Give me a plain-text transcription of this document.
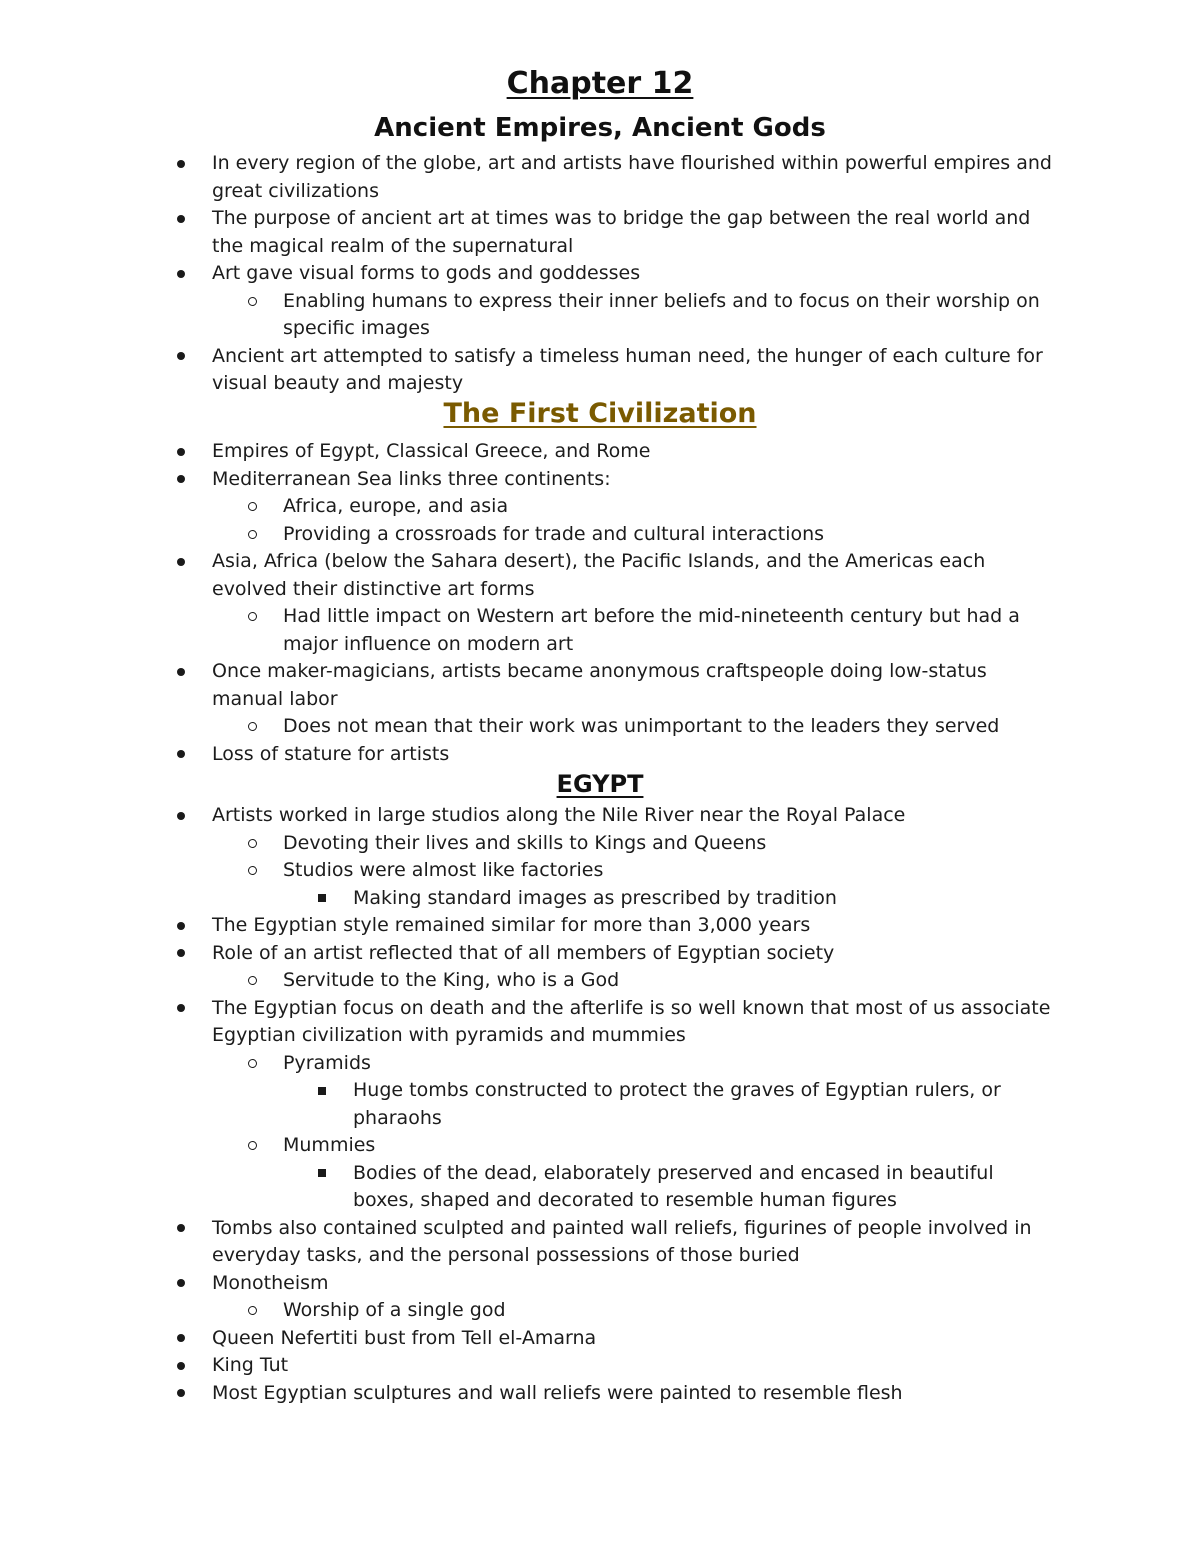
Chapter 12
Ancient Empires, Ancient Gods
In every region of the globe, art and artists have flourished within powerful empires and great civilizations
The purpose of ancient art at times was to bridge the gap between the real world and the magical realm of the supernatural
Art gave visual forms to gods and goddesses
Enabling humans to express their inner beliefs and to focus on their worship on specific images
Ancient art attempted to satisfy a timeless human need, the hunger of each culture for visual beauty and majesty
The First Civilization
Empires of Egypt, Classical Greece, and Rome
Mediterranean Sea links three continents:
Africa, europe, and asia
Providing a crossroads for trade and cultural interactions
Asia, Africa (below the Sahara desert), the Pacific Islands, and the Americas each evolved their distinctive art forms
Had little impact on Western art before the mid-nineteenth century but had a major influence on modern art
Once maker-magicians, artists became anonymous craftspeople doing low-status manual labor
Does not mean that their work was unimportant to the leaders they served
Loss of stature for artists
EGYPT
Artists worked in large studios along the Nile River near the Royal Palace
Devoting their lives and skills to Kings and Queens
Studios were almost like factories
Making standard images as prescribed by tradition
The Egyptian style remained similar for more than 3,000 years
Role of an artist reflected that of all members of Egyptian society
Servitude to the King, who is a God
The Egyptian focus on death and the afterlife is so well known that most of us associate Egyptian civilization with pyramids and mummies
Pyramids
Huge tombs constructed to protect the graves of Egyptian rulers, or pharaohs
Mummies
Bodies of the dead, elaborately preserved and encased in beautiful boxes, shaped and decorated to resemble human figures
Tombs also contained sculpted and painted wall reliefs, figurines of people involved in everyday tasks, and the personal possessions of those buried
Monotheism
Worship of a single god
Queen Nefertiti bust from Tell el-Amarna
King Tut
Most Egyptian sculptures and wall reliefs were painted to resemble flesh
